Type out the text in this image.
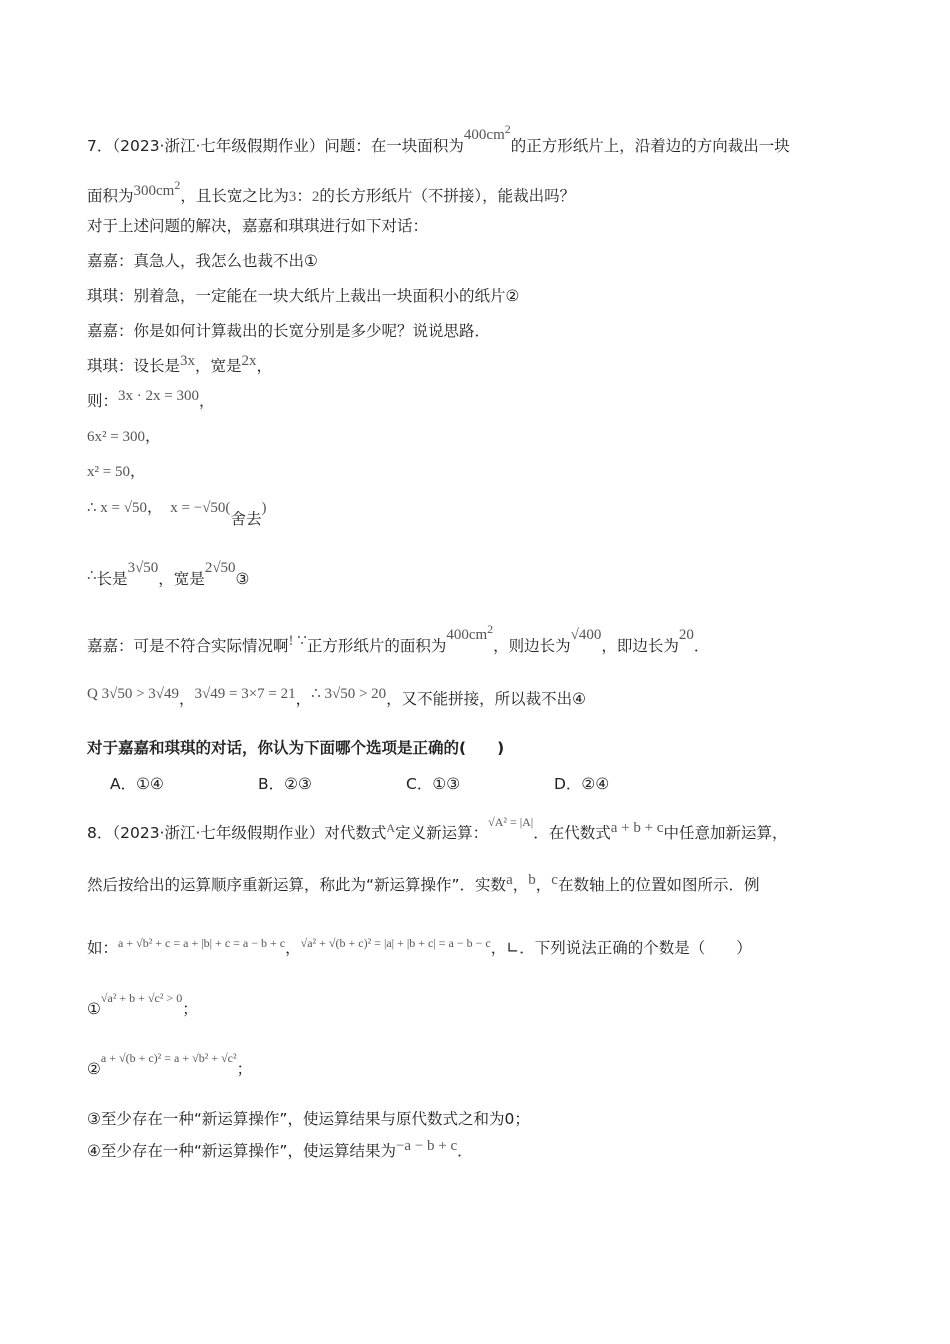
7．（2023·浙江·七年级假期作业）问题：在一块面积为$400cm^2$的正方形纸片上，沿着边的方向裁出一块
面积为$300cm^2$，且长宽之比为3：2的长方形纸片（不拼接），能裁出吗？
对于上述问题的解决，嘉嘉和琪琪进行如下对话：
嘉嘉：真急人，我怎么也裁不出①
琪琪：别着急，一定能在一块大纸片上裁出一块面积小的纸片②
嘉嘉：你是如何计算裁出的长宽分别是多少呢？说说思路．
琪琪：设长是3x，宽是2x，
则：3x · 2x = 300，
6x² = 300，
x² = 50，
∴ x = √50，　 x = −√50(舍去)
∴长是3√50，宽是2√50③
嘉嘉：可是不符合实际情况啊! ∵正方形纸片的面积为$400cm^2$，则边长为√400，即边长为20．
Q 3√50 > 3√49，3√49 = 3×7 = 21，∴ 3√50 > 20，又不能拼接，所以裁不出④
对于嘉嘉和琪琪的对话，你认为下面哪个选项是正确的(　　)
A．①④	B．②③	C．①③	D．②④
8．（2023·浙江·七年级假期作业）对代数式$^A$定义新运算：$^{√A^2 = |A|}$．在代数式a + b + c中任意加新运算，
然后按给出的运算顺序重新运算，称此为“新运算操作”．实数a，b，c在数轴上的位置如图所示．例
如：$^{a + √b^2 + c = a + |b| + c = a - b + c}$，$^{√a^2 + √(b + c)^2 = |a| + |b + c| = a - b - c}$，∟．下列说法正确的个数是（　　）
①$^{√a^2 + b + √c^2 > 0}$；
②$^{a + √(b + c)^2 = a + √b^2 + √c^2}$；
③至少存在一种“新运算操作”，使运算结果与原代数式之和为0；
④至少存在一种“新运算操作”，使运算结果为−a − b + c．
